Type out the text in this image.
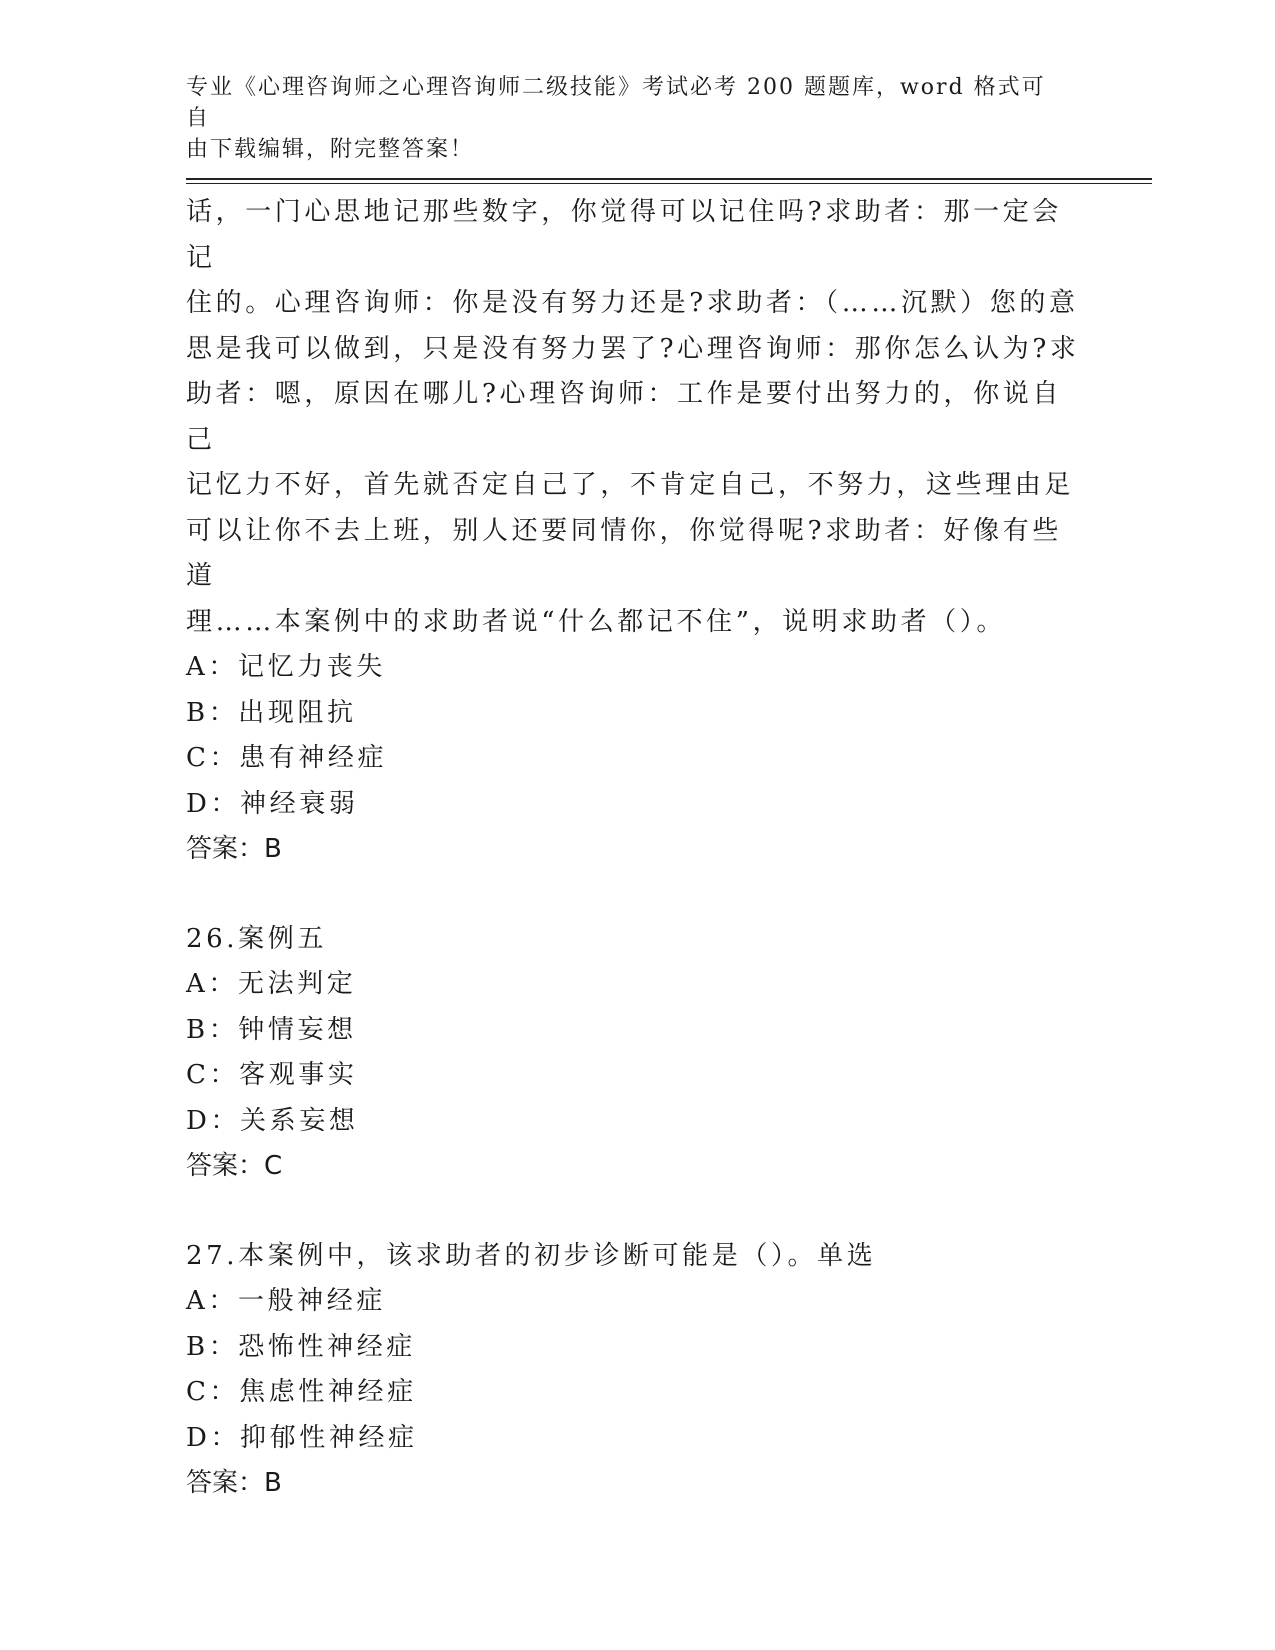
专业《心理咨询师之心理咨询师二级技能》考试必考 200 题题库，word 格式可自
由下载编辑，附完整答案！

话，一门心思地记那些数字，你觉得可以记住吗?求助者：那一定会记

住的。心理咨询师：你是没有努力还是?求助者：（……沉默）您的意

思是我可以做到，只是没有努力罢了?心理咨询师：那你怎么认为?求

助者：嗯，原因在哪儿?心理咨询师：工作是要付出努力的，你说自己

记忆力不好，首先就否定自己了，不肯定自己，不努力，这些理由足

可以让你不去上班，别人还要同情你，你觉得呢?求助者：好像有些道

理……本案例中的求助者说“什么都记不住”，说明求助者（）。

A：记忆力丧失

B：出现阻抗

C：患有神经症

D：神经衰弱

答案：B

26.案例五

A：无法判定

B：钟情妄想

C：客观事实

D：关系妄想

答案：C

27.本案例中，该求助者的初步诊断可能是（）。单选

A：一般神经症

B：恐怖性神经症

C：焦虑性神经症

D：抑郁性神经症

答案：B
